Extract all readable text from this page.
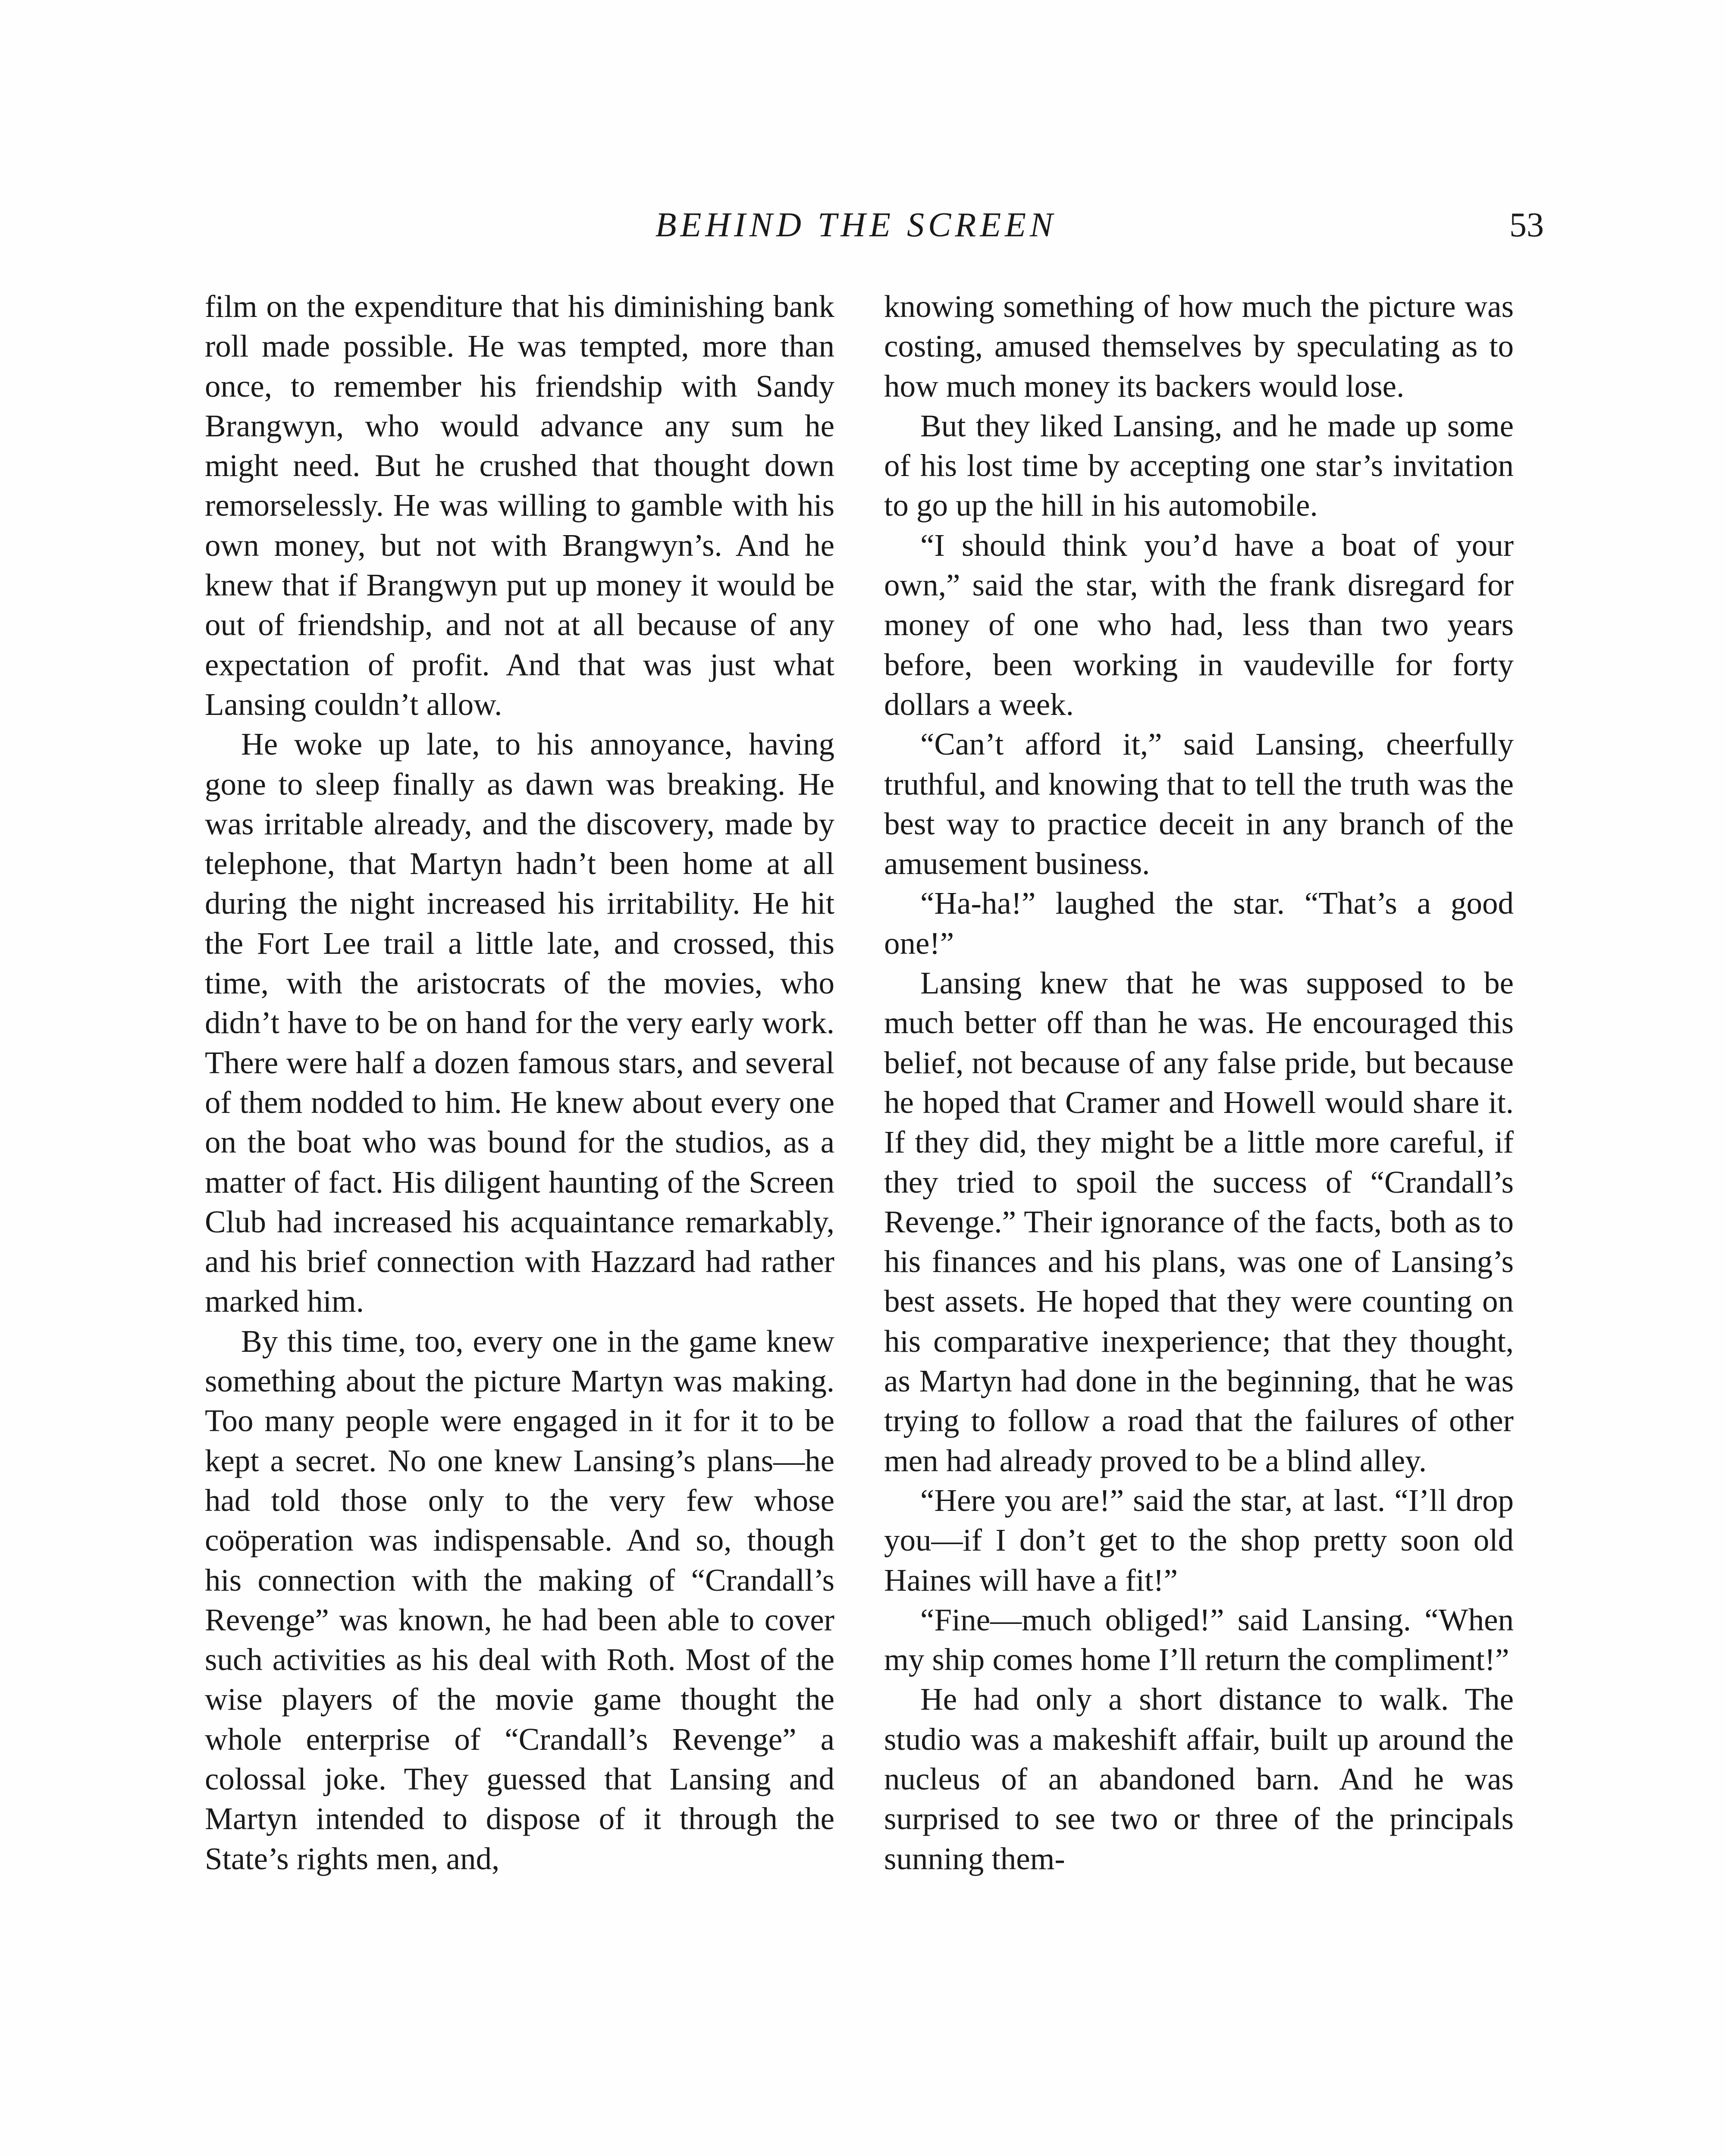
BEHIND THE SCREEN	53

film on the expenditure that his diminishing bank roll made possible. He was tempted, more than once, to remember his friendship with Sandy Brangwyn, who would advance any sum he might need. But he crushed that thought down remorselessly. He was willing to gamble with his own money, but not with Brangwyn’s. And he knew that if Brangwyn put up money it would be out of friendship, and not at all because of any expectation of profit. And that was just what Lansing couldn’t allow.

He woke up late, to his annoyance, having gone to sleep finally as dawn was breaking. He was irritable already, and the discovery, made by telephone, that Martyn hadn’t been home at all during the night increased his irritability. He hit the Fort Lee trail a little late, and crossed, this time, with the aristocrats of the movies, who didn’t have to be on hand for the very early work. There were half a dozen famous stars, and several of them nodded to him. He knew about every one on the boat who was bound for the studios, as a matter of fact. His diligent haunting of the Screen Club had increased his acquaintance remarkably, and his brief connection with Hazzard had rather marked him.

By this time, too, every one in the game knew something about the picture Martyn was making. Too many people were engaged in it for it to be kept a secret. No one knew Lansing’s plans—he had told those only to the very few whose coöperation was indispensable. And so, though his connection with the making of “Crandall’s Revenge” was known, he had been able to cover such activities as his deal with Roth. Most of the wise players of the movie game thought the whole enterprise of “Crandall’s Revenge” a colossal joke. They guessed that Lansing and Martyn intended to dispose of it through the State’s rights men, and,

knowing something of how much the picture was costing, amused themselves by speculating as to how much money its backers would lose.

But they liked Lansing, and he made up some of his lost time by accepting one star’s invitation to go up the hill in his automobile.

“I should think you’d have a boat of your own,” said the star, with the frank disregard for money of one who had, less than two years before, been working in vaudeville for forty dollars a week.

“Can’t afford it,” said Lansing, cheerfully truthful, and knowing that to tell the truth was the best way to practice deceit in any branch of the amusement business.

“Ha-ha!” laughed the star. “That’s a good one!”

Lansing knew that he was supposed to be much better off than he was. He encouraged this belief, not because of any false pride, but because he hoped that Cramer and Howell would share it. If they did, they might be a little more careful, if they tried to spoil the success of “Crandall’s Revenge.” Their ignorance of the facts, both as to his finances and his plans, was one of Lansing’s best assets. He hoped that they were counting on his comparative inexperience; that they thought, as Martyn had done in the beginning, that he was trying to follow a road that the failures of other men had already proved to be a blind alley.

“Here you are!” said the star, at last. “I’ll drop you—if I don’t get to the shop pretty soon old Haines will have a fit!”

“Fine—much obliged!” said Lansing. “When my ship comes home I’ll return the compliment!”

He had only a short distance to walk. The studio was a makeshift affair, built up around the nucleus of an abandoned barn. And he was surprised to see two or three of the principals sunning them-
